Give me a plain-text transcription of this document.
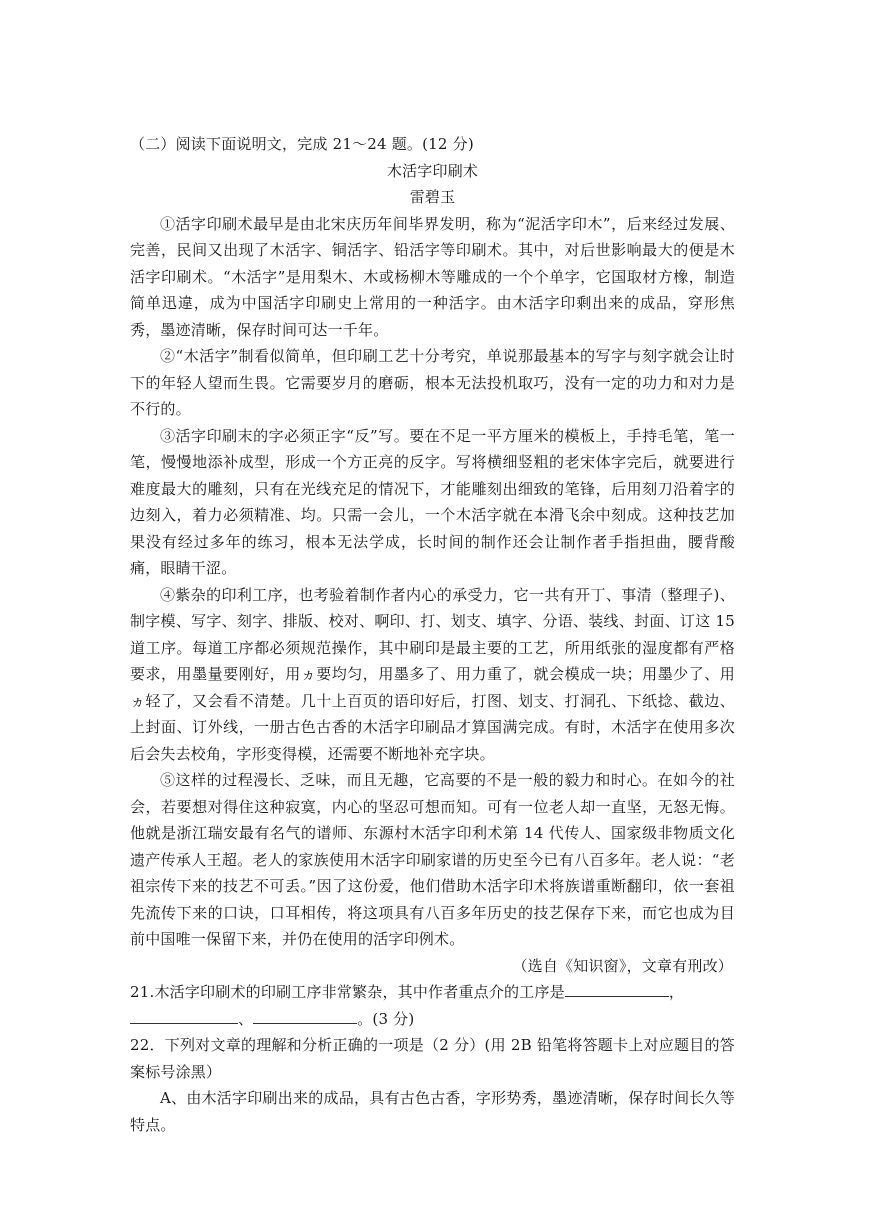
（二）阅读下面说明文，完成 21～24 题。(12 分)

木活字印刷术

雷碧玉

①活字印刷术最早是由北宋庆历年间毕界发明，称为“泥活字印木”，后来经过发展、完善，民间又出现了木活字、铜活字、铅活字等印刷术。其中，对后世影响最大的便是木活字印刷术。“木活字”是用梨木、木或杨柳木等雕成的一个个单字，它国取材方橡，制造简单迅違，成为中国活字印刷史上常用的一种活字。由木活字印剩出来的成品，穿形焦秀，墨迹清晰，保存时间可达一千年。

②“木活字”制看似简单，但印刷工艺十分考究，单说那最基本的写字与刻字就会让时下的年轻人望而生畏。它需要岁月的磨砺，根本无法投机取巧，没有一定的功力和对力是不行的。

③活字印刷末的字必须正字“反”写。要在不足一平方厘米的模板上，手持毛笔，笔一笔，慢慢地添补成型，形成一个方正亮的反字。写将横细竖粗的老宋体字完后，就要进行难度最大的雕刻，只有在光线充足的情况下，才能雕刻出细致的笔锋，后用刻刀沿着字的边刻入，着力必须精准、均。只需一会儿，一个木活字就在本滑飞余中刻成。这种技艺加果没有经过多年的练习，根本无法学成，长时间的制作还会让制作者手指担曲，腰背酸痛，眼睛干涩。

④紫杂的印利工序，也考验着制作者内心的承受力，它一共有开丁、事清（整理子)、制字模、写字、刻字、排版、校对、啊印、打、划支、填字、分语、装线、封面、订这 15 道工序。每道工序都必须规范操作，其中刷印是最主要的工艺，所用纸张的湿度都有严格要求，用墨量要刚好，用ヵ要均匀，用墨多了、用力重了，就会模成一块；用墨少了、用ヵ轻了，又会看不清楚。几十上百页的语印好后，打图、划支、打洞孔、下纸捻、截边、上封面、订外线，一册古色古香的木活字印刷品才算国满完成。有时，木活字在使用多次后会失去校角，字形变得模，还需要不断地补充字块。

⑤这样的过程漫长、乏味，而且无趣，它高要的不是一般的毅力和时心。在如今的社会，若要想对得住这种寂寞，内心的坚忍可想而知。可有一位老人却一直坚，无怒无悔。他就是浙江瑞安最有名气的谱师、东源村木活字印利术第 14 代传人、国家级非物质文化遗产传承人王超。老人的家族使用木活字印刷家谱的历史至今已有八百多年。老人说：“老祖宗传下来的技艺不可丢。”因了这份爱，他们借助木活字印术将族谱重断翻印，依一套祖先流传下来的口诀，口耳相传，将这项具有八百多年历史的技艺保存下来，而它也成为目前中国唯一保留下来，并仍在使用的活字印例术。

（选自《知识窗》，文章有刑改）

21.木活字印刷术的印刷工序非常繁杂，其中作者重点介的工序是	，
、	。(3 分)

22．下列对文章的理解和分析正确的一项是（2 分）(用 2B 铅笔将答题卡上对应题目的答案标号涂黑）

A、由木活字印刷出来的成品，具有古色古香，字形势秀，墨迹清晰，保存时间长久等特点。
